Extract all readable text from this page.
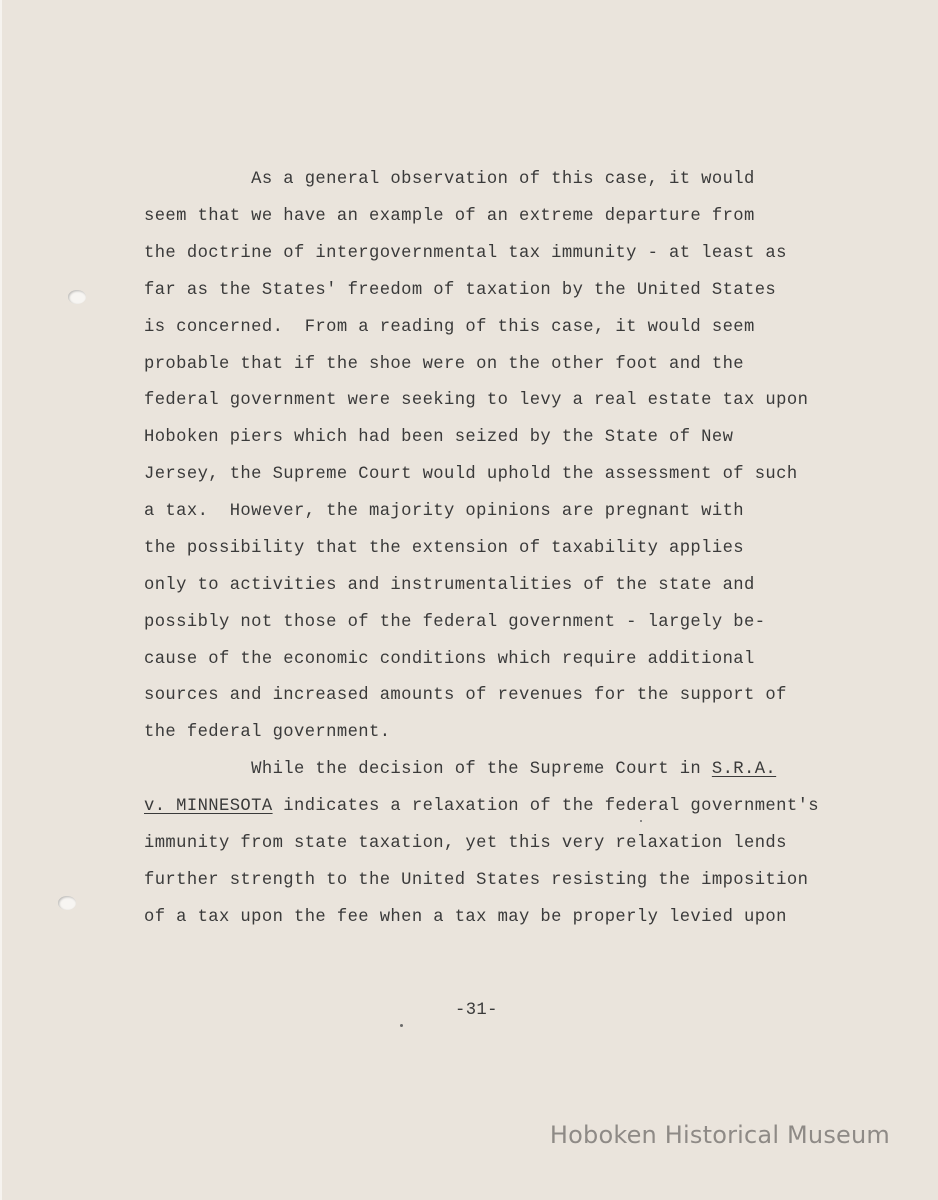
As a general observation of this case, it would
seem that we have an example of an extreme departure from
the doctrine of intergovernmental tax immunity - at least as
far as the States' freedom of taxation by the United States
is concerned.  From a reading of this case, it would seem
probable that if the shoe were on the other foot and the
federal government were seeking to levy a real estate tax upon
Hoboken piers which had been seized by the State of New
Jersey, the Supreme Court would uphold the assessment of such
a tax.  However, the majority opinions are pregnant with
the possibility that the extension of taxability applies
only to activities and instrumentalities of the state and
possibly not those of the federal government - largely be-
cause of the economic conditions which require additional
sources and increased amounts of revenues for the support of
the federal government.
While the decision of the Supreme Court in S.R.A.
v. MINNESOTA indicates a relaxation of the federal government's
immunity from state taxation, yet this very relaxation lends
further strength to the United States resisting the imposition
of a tax upon the fee when a tax may be properly levied upon
-31-
Hoboken Historical Museum
